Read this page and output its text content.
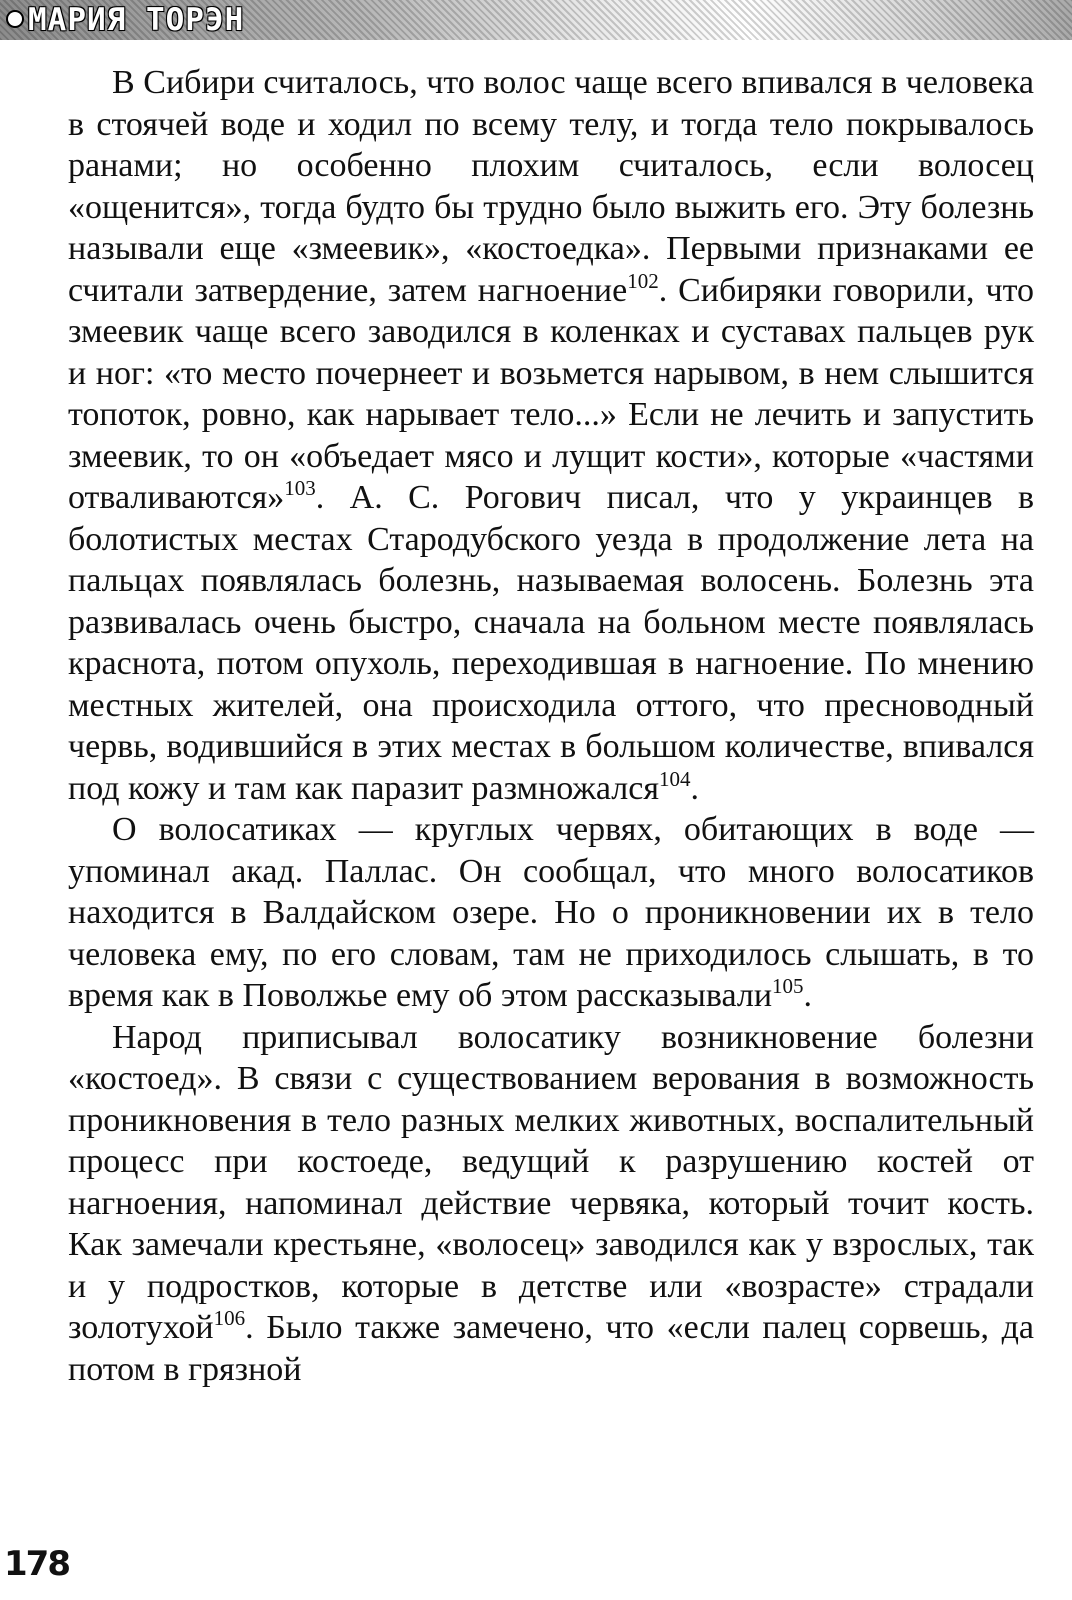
МАРИЯ ТОРЭН

В Сибири считалось, что волос чаще всего впивался в человека в стоячей воде и ходил по всему телу, и тогда тело покрывалось ранами; но особенно плохим считалось, если волосец «ощенится», тогда будто бы трудно было выжить его. Эту болезнь называли еще «змеевик», «костоедка». Первыми признаками ее считали затвердение, затем нагноение$^{102}$. Сибиряки говорили, что змеевик чаще всего заводился в коленках и суставах пальцев рук и ног: «то место почернеет и возьмется нарывом, в нем слышится топоток, ровно, как нарывает тело...» Если не лечить и запустить змеевик, то он «объедает мясо и лущит кости», которые «частями отваливаются»$^{103}$. А. С. Рогович писал, что у украинцев в болотистых местах Стародубского уезда в продолжение лета на пальцах появлялась болезнь, называемая волосень. Болезнь эта развивалась очень быстро, сначала на больном месте появлялась краснота, потом опухоль, переходившая в нагноение. По мнению местных жителей, она происходила оттого, что пресноводный червь, водившийся в этих местах в большом количестве, впивался под кожу и там как паразит размножался$^{104}$.

О волосатиках — круглых червях, обитающих в воде — упоминал акад. Паллас. Он сообщал, что много волосатиков находится в Валдайском озере. Но о проникновении их в тело человека ему, по его словам, там не приходилось слышать, в то время как в Поволжье ему об этом рассказывали$^{105}$.

Народ приписывал волосатику возникновение болезни «костоед». В связи с существованием верования в возможность проникновения в тело разных мелких животных, воспалительный процесс при костоеде, ведущий к разрушению костей от нагноения, напоминал действие червяка, который точит кость. Как замечали крестьяне, «волосец» заводился как у взрослых, так и у подростков, которые в детстве или «возрасте» страдали золотухой$^{106}$. Было также замечено, что «если палец сорвешь, да потом в грязной

178
